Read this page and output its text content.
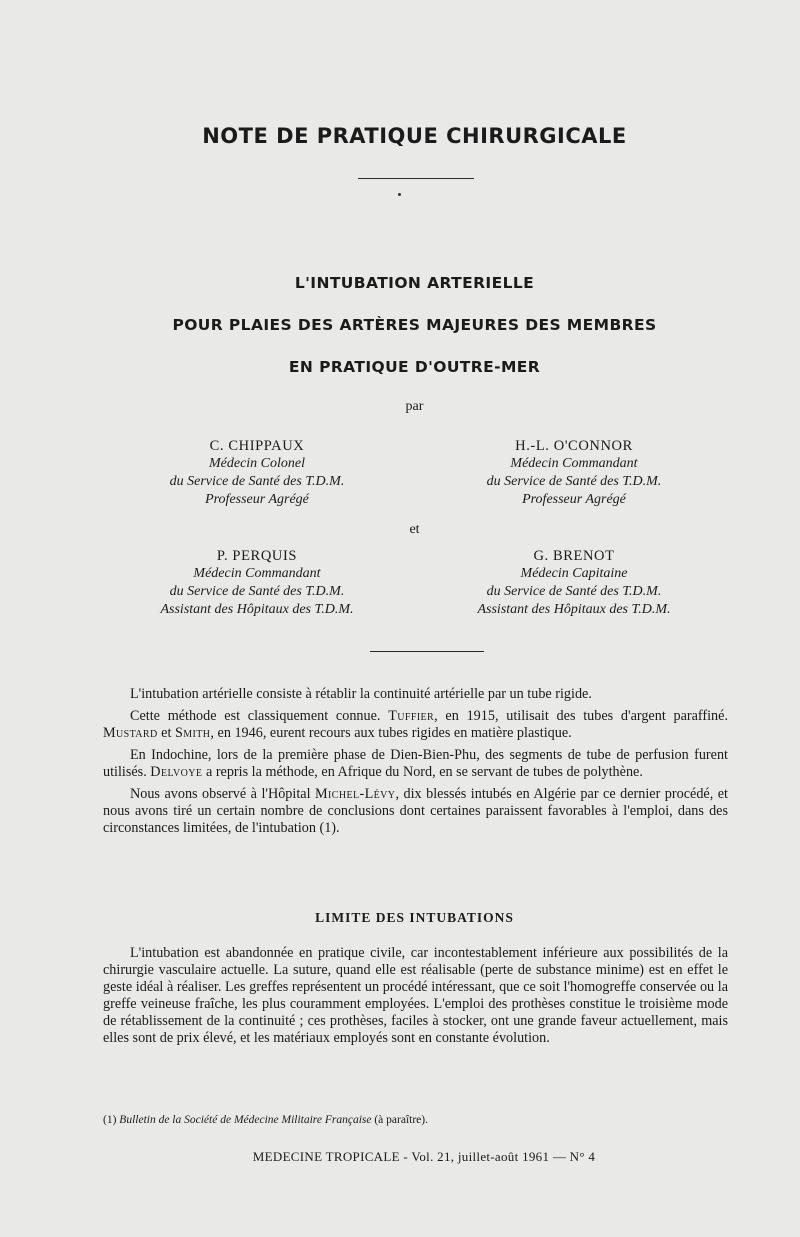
NOTE DE PRATIQUE CHIRURGICALE
L'INTUBATION ARTERIELLE
POUR PLAIES DES ARTÈRES MAJEURES DES MEMBRES
EN PRATIQUE D'OUTRE-MER
par
C. CHIPPAUX
Médecin Colonel
du Service de Santé des T.D.M.
Professeur Agrégé
H.-L. O'CONNOR
Médecin Commandant
du Service de Santé des T.D.M.
Professeur Agrégé
et
P. PERQUIS
Médecin Commandant
du Service de Santé des T.D.M.
Assistant des Hôpitaux des T.D.M.
G. BRENOT
Médecin Capitaine
du Service de Santé des T.D.M.
Assistant des Hôpitaux des T.D.M.

L'intubation artérielle consiste à rétablir la continuité artérielle par un tube rigide.

Cette méthode est classiquement connue. Tuffier, en 1915, utilisait des tubes d'argent paraffiné. Mustard et Smith, en 1946, eurent recours aux tubes rigides en matière plastique.

En Indochine, lors de la première phase de Dien-Bien-Phu, des segments de tube de perfusion furent utilisés. Delvoye a repris la méthode, en Afrique du Nord, en se servant de tubes de polythène.

Nous avons observé à l'Hôpital Michel-Lévy, dix blessés intubés en Algérie par ce dernier procédé, et nous avons tiré un certain nombre de conclusions dont certaines paraissent favorables à l'emploi, dans des circonstances limitées, de l'intubation (1).

LIMITE DES INTUBATIONS

L'intubation est abandonnée en pratique civile, car incontestablement inférieure aux possibilités de la chirurgie vasculaire actuelle. La suture, quand elle est réalisable (perte de substance minime) est en effet le geste idéal à réaliser. Les greffes représentent un procédé intéressant, que ce soit l'homogreffe conservée ou la greffe veineuse fraîche, les plus couramment employées. L'emploi des prothèses constitue le troisième mode de rétablissement de la continuité ; ces prothèses, faciles à stocker, ont une grande faveur actuellement, mais elles sont de prix élevé, et les matériaux employés sont en constante évolution.

(1) Bulletin de la Société de Médecine Militaire Française (à paraître).
MEDECINE TROPICALE - Vol. 21, juillet-août 1961 — N° 4
